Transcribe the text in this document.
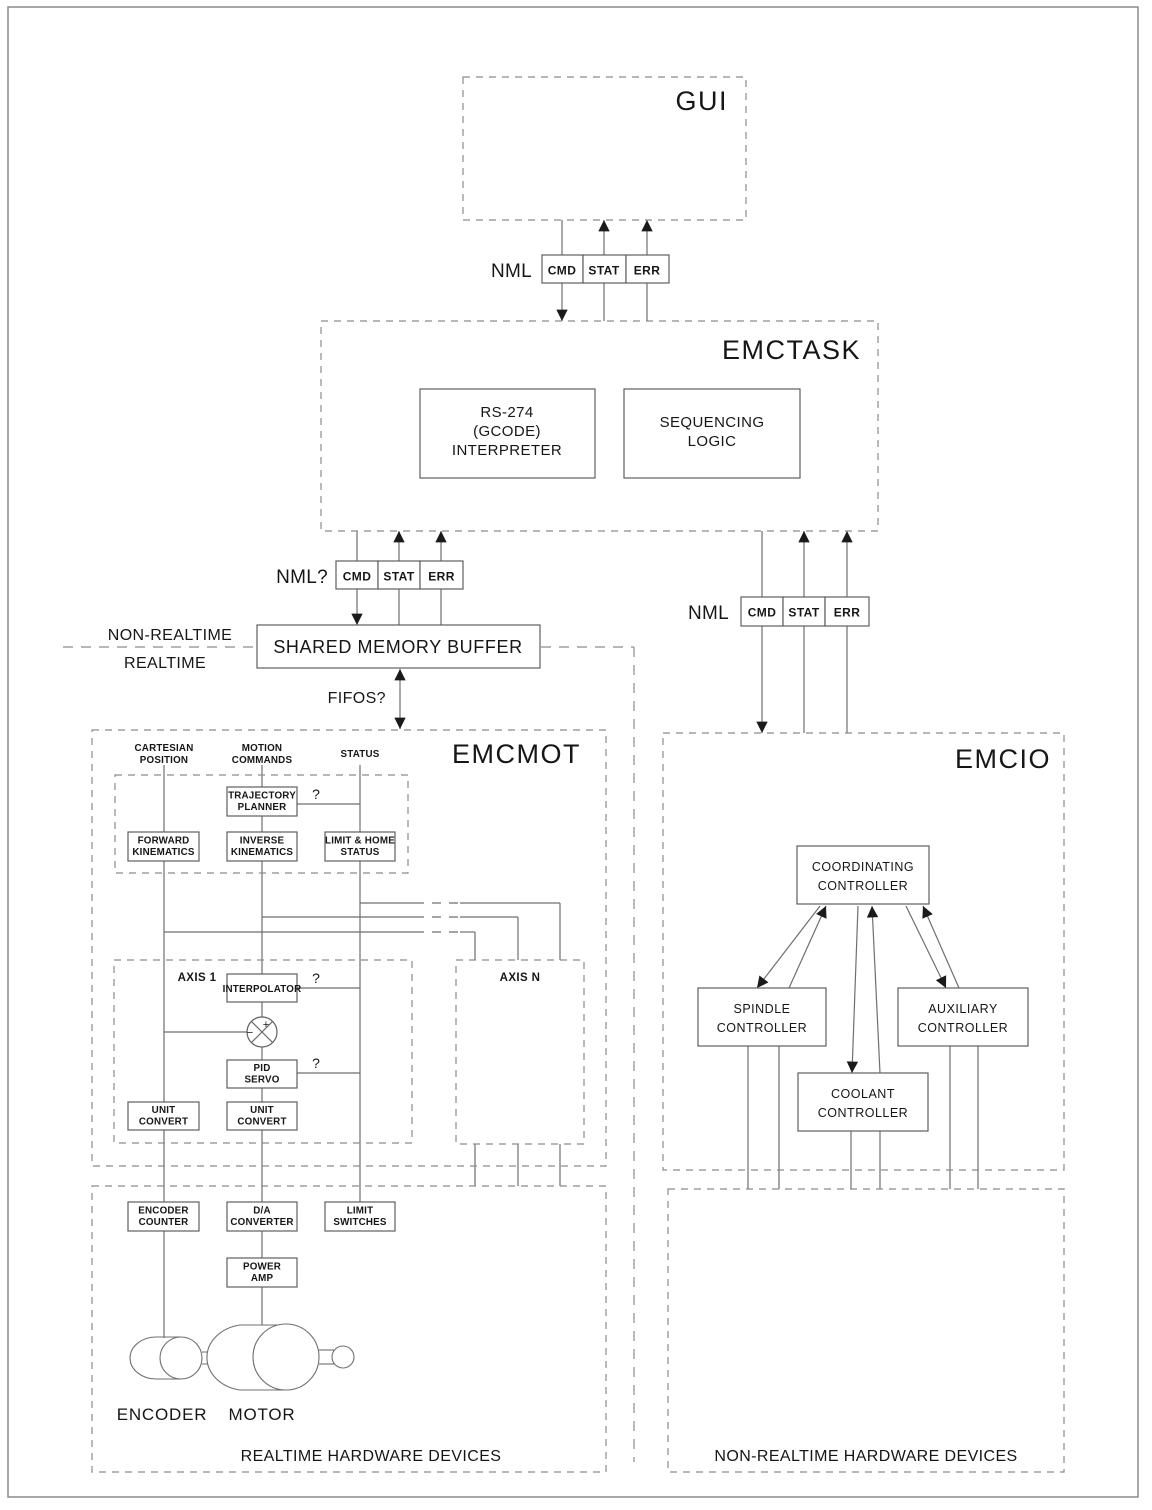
GUI
NML CMD STAT ERR
EMCTASK
RS-274
(GCODE)
INTERPRETER
SEQUENCING
LOGIC
NML? CMD STAT ERR
NON-REALTIME
REALTIME
SHARED MEMORY BUFFER
FIFOS?
NML CMD STAT ERR
EMCMOT
CARTESIAN
POSITION
MOTION
COMMANDS
STATUS
TRAJECTORY
PLANNER
?
FORWARD
KINEMATICS
INVERSE
KINEMATICS
LIMIT & HOME
STATUS
AXIS 1	AXIS N
INTERPOLATOR
?
+
−
PID
SERVO
?
UNIT
CONVERT
UNIT
CONVERT
EMCIO
COORDINATING
CONTROLLER
SPINDLE
CONTROLLER
AUXILIARY
CONTROLLER
COOLANT
CONTROLLER
ENCODER
COUNTER
D/A
CONVERTER
LIMIT
SWITCHES
POWER
AMP
ENCODER MOTOR
REALTIME HARDWARE DEVICES	NON-REALTIME HARDWARE DEVICES
